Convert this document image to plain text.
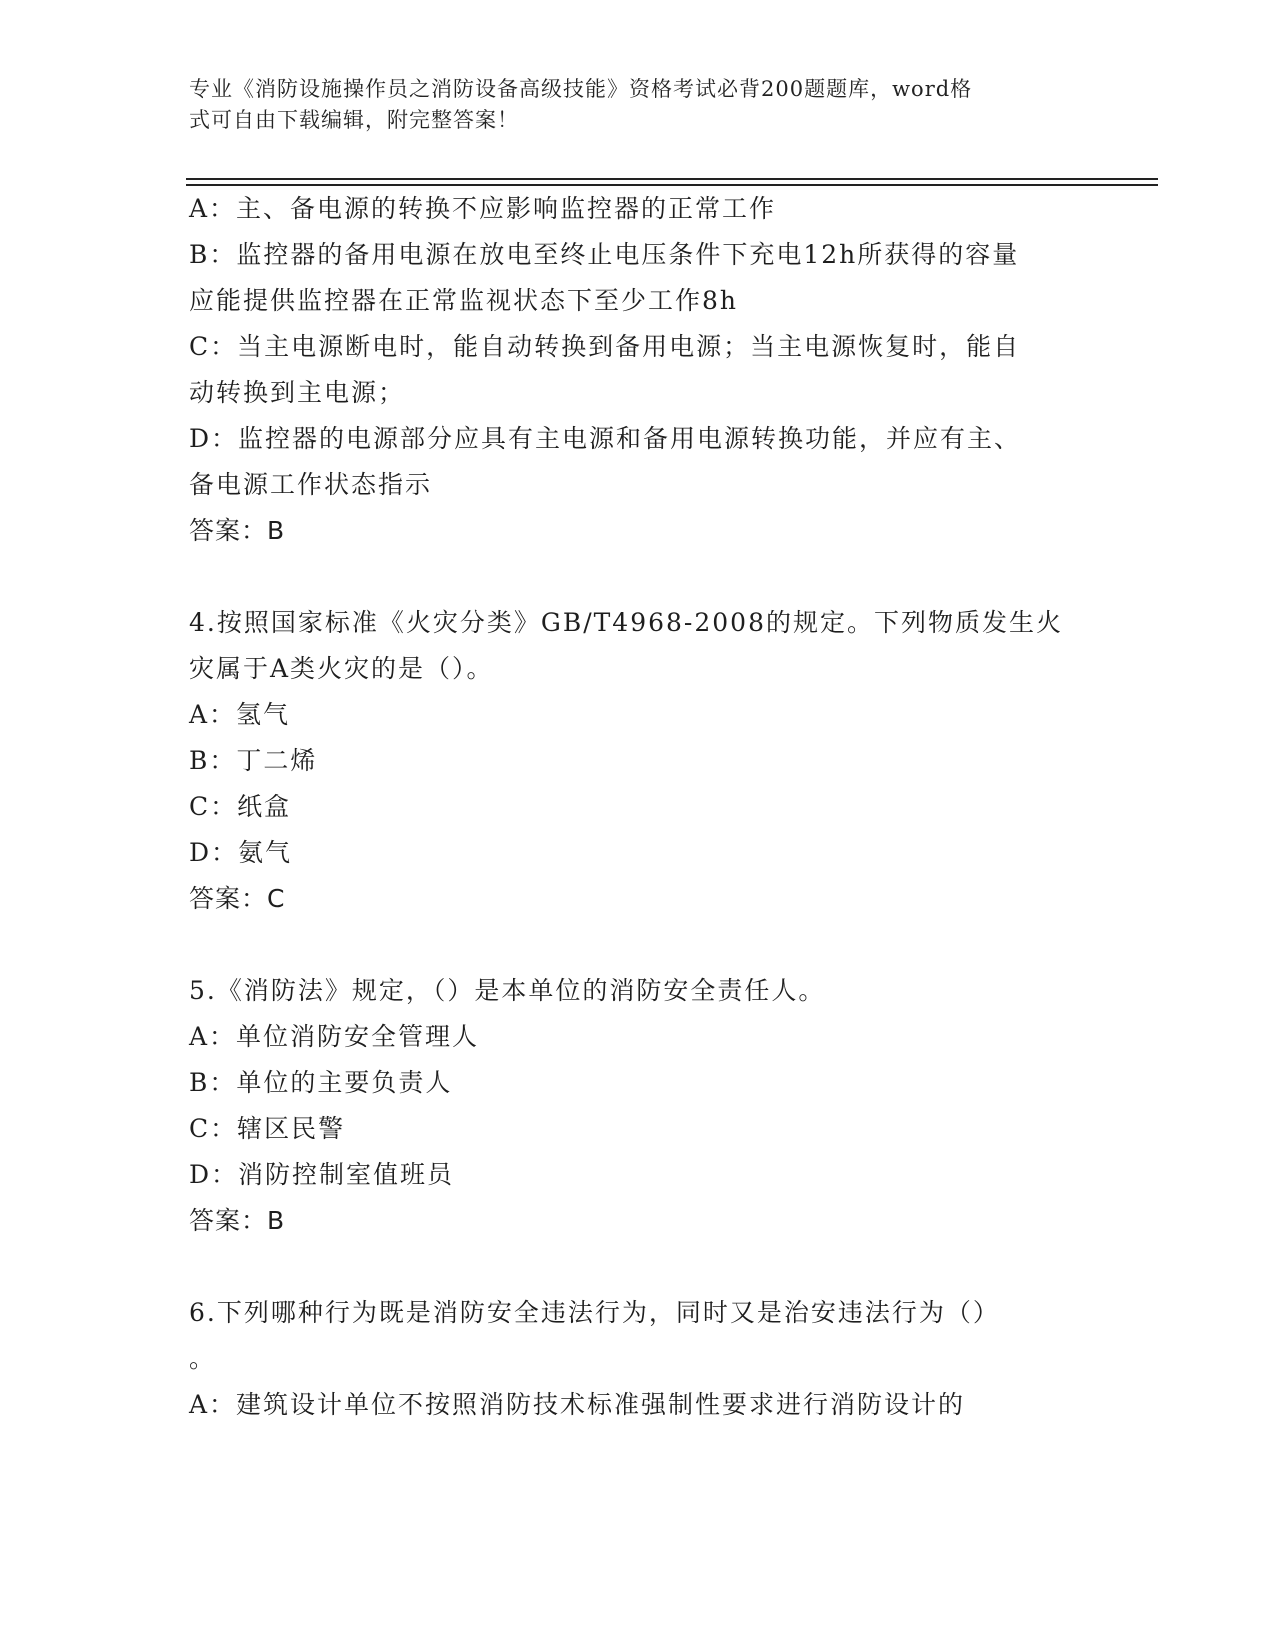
专业《消防设施操作员之消防设备高级技能》资格考试必背200题题库，word格
式可自由下载编辑，附完整答案！
A：主、备电源的转换不应影响监控器的正常工作
B：监控器的备用电源在放电至终止电压条件下充电12h所获得的容量
应能提供监控器在正常监视状态下至少工作8h
C：当主电源断电时，能自动转换到备用电源；当主电源恢复时，能自
动转换到主电源；
D：监控器的电源部分应具有主电源和备用电源转换功能，并应有主、
备电源工作状态指示
答案：B
4.按照国家标准《火灾分类》GB/T4968-2008的规定。下列物质发生火
灾属于A类火灾的是（）。
A：氢气
B：丁二烯
C：纸盒
D：氨气
答案：C
5.《消防法》规定，（）是本单位的消防安全责任人。
A：单位消防安全管理人
B：单位的主要负责人
C：辖区民警
D：消防控制室值班员
答案：B
6.下列哪种行为既是消防安全违法行为，同时又是治安违法行为（）
。
A：建筑设计单位不按照消防技术标准强制性要求进行消防设计的
